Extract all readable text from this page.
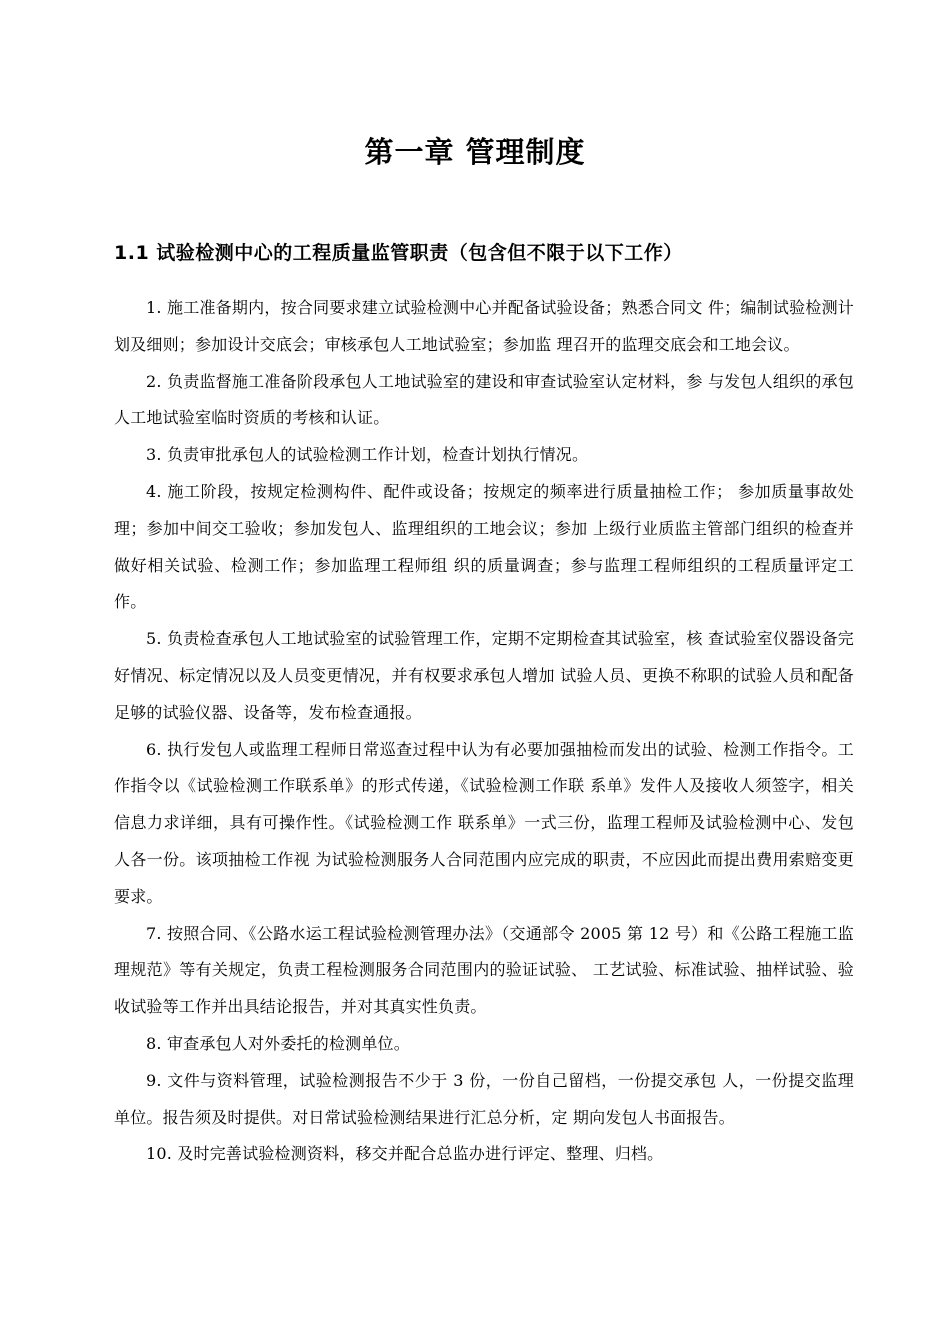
第一章 管理制度
1.1 试验检测中心的工程质量监管职责（包含但不限于以下工作）

1. 施工准备期内，按合同要求建立试验检测中心并配备试验设备；熟悉合同文 件；编制试验检测计划及细则；参加设计交底会；审核承包人工地试验室；参加监 理召开的监理交底会和工地会议。

2. 负责监督施工准备阶段承包人工地试验室的建设和审查试验室认定材料，参 与发包人组织的承包人工地试验室临时资质的考核和认证。

3. 负责审批承包人的试验检测工作计划，检查计划执行情况。

4. 施工阶段，按规定检测构件、配件或设备；按规定的频率进行质量抽检工作； 参加质量事故处理；参加中间交工验收；参加发包人、监理组织的工地会议；参加 上级行业质监主管部门组织的检查并做好相关试验、检测工作；参加监理工程师组 织的质量调查；参与监理工程师组织的工程质量评定工作。

5. 负责检查承包人工地试验室的试验管理工作，定期不定期检查其试验室，核 查试验室仪器设备完好情况、标定情况以及人员变更情况，并有权要求承包人增加 试验人员、更换不称职的试验人员和配备足够的试验仪器、设备等，发布检查通报。

6. 执行发包人或监理工程师日常巡查过程中认为有必要加强抽检而发出的试验、检测工作指令。工作指令以《试验检测工作联系单》的形式传递，《试验检测工作联 系单》发件人及接收人须签字，相关信息力求详细，具有可操作性。《试验检测工作 联系单》一式三份，监理工程师及试验检测中心、发包人各一份。该项抽检工作视 为试验检测服务人合同范围内应完成的职责，不应因此而提出费用索赔变更要求。

7. 按照合同、《公路水运工程试验检测管理办法》（交通部令 2005 第 12 号）和《公路工程施工监理规范》等有关规定，负责工程检测服务合同范围内的验证试验、 工艺试验、标准试验、抽样试验、验收试验等工作并出具结论报告，并对其真实性负责。

8. 审查承包人对外委托的检测单位。

9. 文件与资料管理，试验检测报告不少于 3 份，一份自己留档，一份提交承包 人，一份提交监理单位。报告须及时提供。对日常试验检测结果进行汇总分析，定 期向发包人书面报告。

10. 及时完善试验检测资料，移交并配合总监办进行评定、整理、归档。
